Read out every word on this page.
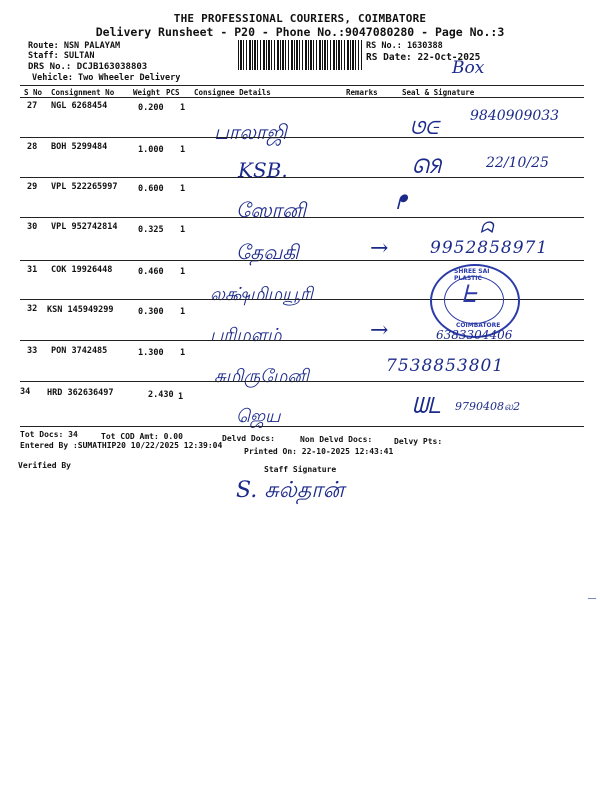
THE PROFESSIONAL COURIERS, COIMBATORE
Delivery Runsheet - P20 - Phone No.:9047080280 - Page No.:3
Route: NSN PALAYAM
Staff: SULTAN
DRS No.: DCJB163038803
Vehicle: Two Wheeler Delivery
RS No.: 1630388
RS Date: 22-Oct-2025
Box
S No Consignment No	Weight PCS Consignee Details	Remarks	Seal & Signature
27 NGL 6268454	0.200 1
பாலாஜி
9840909033
ᘎᕮ
28 BOH 5299484	1.000 1
KSB.	ᘏᖆ	22/10/25
29 VPL 522265997 0.600 1
ஸோனி	ᖰ
30 VPL 952742814 0.325 1
தேவகி	→ 9952858971
ᗣ
31 COK 19926448	0.460 1
லக்ஷ்மிமயூரி
SHREE SAI PLASTIC
COIMBATORE
ᖶ
32 KSN 145949299	0.300 1
பரிமளம்	→	6383304406
33 PON 3742485	1.300 1
சுமிருமேனி	7538853801
34 HRD 362636497	2.430 1
ஜெய	ᗯᒪ 9790408ல2
Tot Docs: 34	Tot COD Amt: 0.00	Delvd Docs:	Non Delvd Docs:	Delvy Pts:
Entered By :SUMATHIP20 10/22/2025 12:39:04
Printed On: 22-10-2025 12:43:41
Verified By	Staff Signature
S. சுல்தான்
